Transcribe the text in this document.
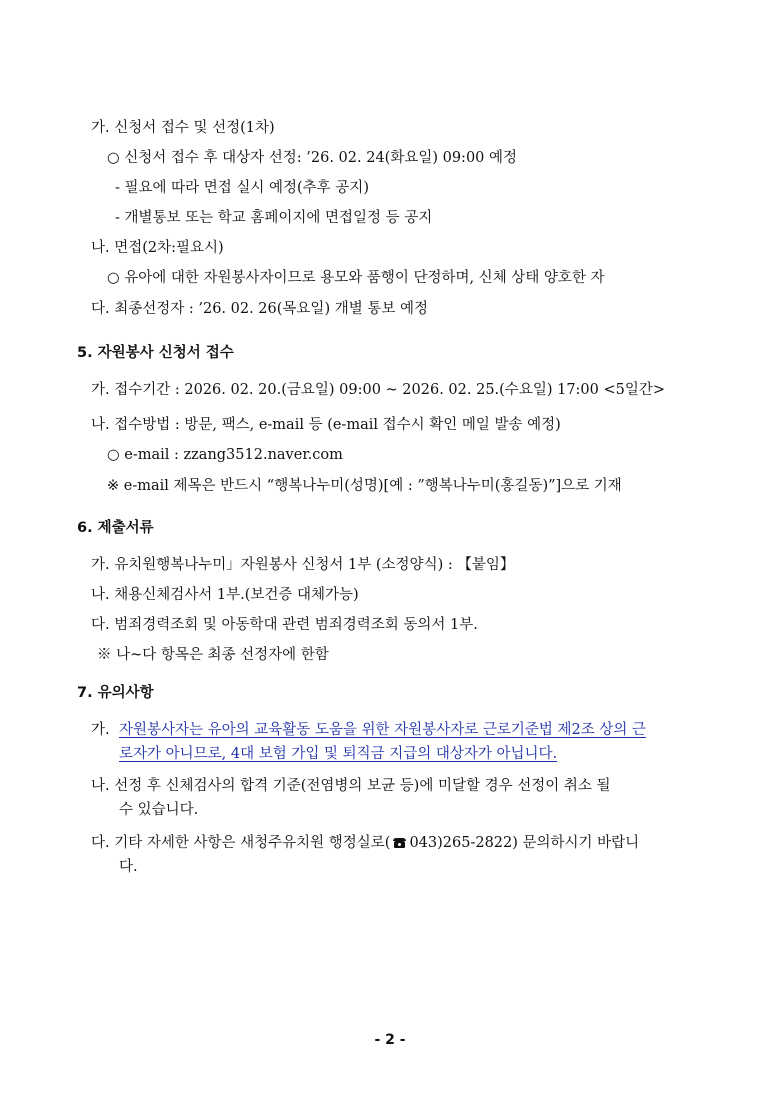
가. 신청서 접수 및 선정(1차)
○ 신청서 접수 후 대상자 선정: ’26. 02. 24(화요일) 09:00 예정
- 필요에 따라 면접 실시 예정(추후 공지)
- 개별통보 또는 학교 홈페이지에 면접일정 등 공지
나. 면접(2차:필요시)
○ 유아에 대한 자원봉사자이므로 용모와 품행이 단정하며, 신체 상태 양호한 자
다. 최종선정자 : ’26. 02. 26(목요일) 개별 통보 예정
5. 자원봉사 신청서 접수
가. 접수기간 : 2026. 02. 20.(금요일) 09:00 ~ 2026. 02. 25.(수요일) 17:00 <5일간>
나. 접수방법 : 방문, 팩스, e-mail 등 (e-mail 접수시 확인 메일 발송 예정)
○ e-mail : zzang3512.naver.com
※ e-mail 제목은 반드시 “행복나누미(성명)[예 : ”행복나누미(홍길동)”]으로 기재
6. 제출서류
가. 유치원행복나누미」자원봉사 신청서 1부 (소정양식) : 【붙임】
나. 채용신체검사서 1부.(보건증 대체가능)
다. 범죄경력조회 및 아동학대 관련 범죄경력조회 동의서 1부.
※ 나~다 항목은 최종 선정자에 한함
7. 유의사항
가. 자원봉사자는 유아의 교육활동 도움을 위한 자원봉사자로 근로기준법 제2조 상의 근
로자가 아니므로, 4대 보험 가입 및 퇴직금 지급의 대상자가 아닙니다.
나. 선정 후 신체검사의 합격 기준(전염병의 보균 등)에 미달할 경우 선정이 취소 될
수 있습니다.
다. 기타 자세한 사항은 새청주유치원 행정실로( 043)265-2822) 문의하시기 바랍니
다.
- 2 -
